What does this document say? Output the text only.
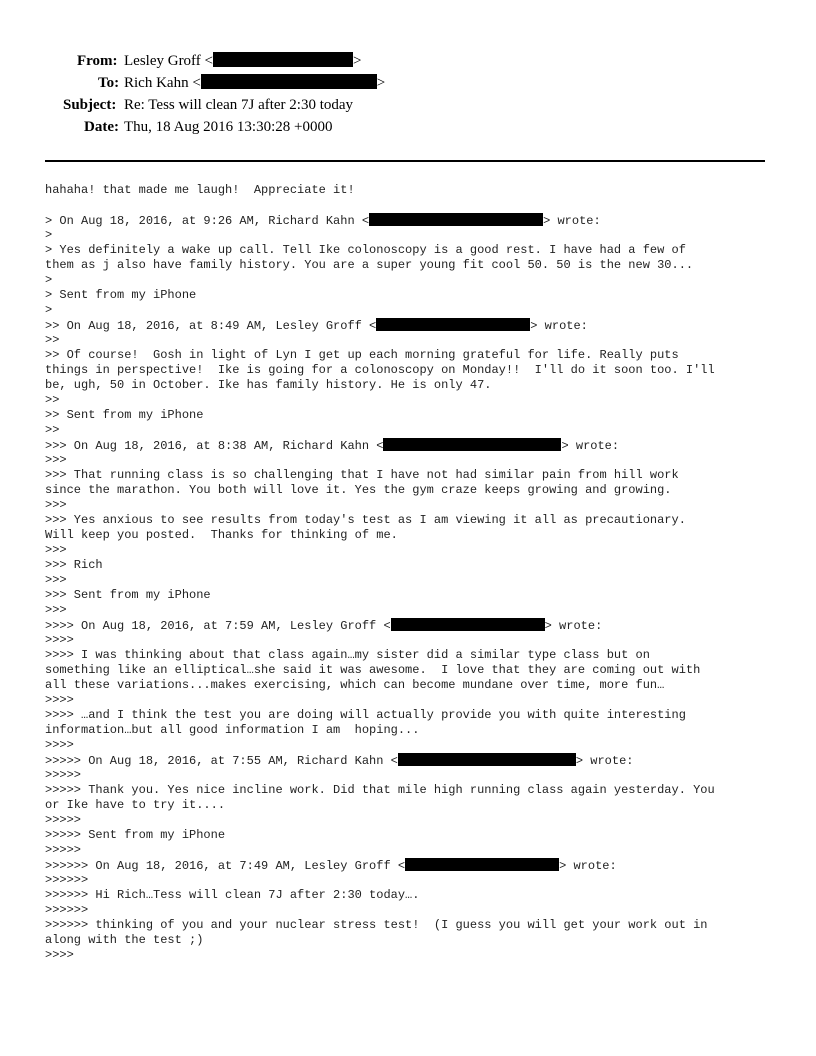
From: Lesley Groff <	>
To: Rich Kahn <	>
Subject: Re: Tess will clean 7J after 2:30 today
Date: Thu, 18 Aug 2016 13:30:28 +0000
hahaha! that made me laugh!  Appreciate it!
> On Aug 18, 2016, at 9:26 AM, Richard Kahn <	> wrote:
>
> Yes definitely a wake up call. Tell Ike colonoscopy is a good rest. I have had a few of
them as j also have family history. You are a super young fit cool 50. 50 is the new 30...
>
> Sent from my iPhone
>
>> On Aug 18, 2016, at 8:49 AM, Lesley Groff <	> wrote:
>>
>> Of course!  Gosh in light of Lyn I get up each morning grateful for life. Really puts
things in perspective!  Ike is going for a colonoscopy on Monday!!  I'll do it soon too. I'll
be, ugh, 50 in October. Ike has family history. He is only 47.
>>
>> Sent from my iPhone
>>
>>> On Aug 18, 2016, at 8:38 AM, Richard Kahn <	> wrote:
>>>
>>> That running class is so challenging that I have not had similar pain from hill work
since the marathon. You both will love it. Yes the gym craze keeps growing and growing.
>>>
>>> Yes anxious to see results from today's test as I am viewing it all as precautionary.
Will keep you posted.  Thanks for thinking of me.
>>>
>>> Rich
>>>
>>> Sent from my iPhone
>>>
>>>> On Aug 18, 2016, at 7:59 AM, Lesley Groff <	> wrote:
>>>>
>>>> I was thinking about that class again…my sister did a similar type class but on
something like an elliptical…she said it was awesome.  I love that they are coming out with
all these variations...makes exercising, which can become mundane over time, more fun…
>>>>
>>>> …and I think the test you are doing will actually provide you with quite interesting
information…but all good information I am  hoping...
>>>>
>>>>> On Aug 18, 2016, at 7:55 AM, Richard Kahn <	> wrote:
>>>>>
>>>>> Thank you. Yes nice incline work. Did that mile high running class again yesterday. You
or Ike have to try it....
>>>>>
>>>>> Sent from my iPhone
>>>>>
>>>>>> On Aug 18, 2016, at 7:49 AM, Lesley Groff <	> wrote:
>>>>>>
>>>>>> Hi Rich…Tess will clean 7J after 2:30 today….
>>>>>>
>>>>>> thinking of you and your nuclear stress test!  (I guess you will get your work out in
along with the test ;)
>>>>
